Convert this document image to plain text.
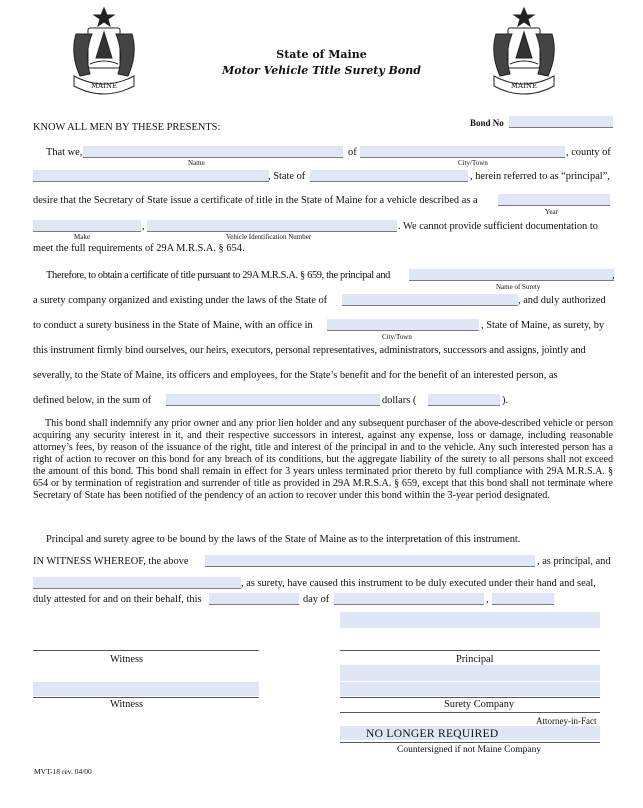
MAINE	MAINE
State of Maine
Motor Vehicle Title Surety Bond
Bond No
KNOW ALL MEN BY THESE PRESENTS:
That we,	of	, county of
Name	City/Town
, State of	, herein referred to as “principal”,
desire that the Secretary of State issue a certificate of title in the State of Maine for a vehicle described as a
Year
,	. We cannot provide sufficient documentation to
Make	Vehicle Identification Number
meet the full requirements of 29A M.R.S.A. § 654.
Therefore, to obtain a certificate of title pursuant to 29A M.R.S.A. § 659, the principal and	,
Name of Surety
a surety company organized and existing under the laws of the State of	, and duly authorized
to conduct a surety business in the State of Maine, with an office in	, State of Maine, as surety, by
City/Town
this instrument firmly bind ourselves, our heirs, executors, personal representatives, administrators, successors and assigns, jointly and
severally, to the State of Maine, its officers and employees, for the State’s benefit and for the benefit of an interested person, as
defined below, in the sum of	dollars (	).
This bond shall indemnify any prior owner and any prior lien holder and any subsequent purchaser of the above-described vehicle or person acquiring any security interest in it, and their respective successors in interest, against any expense, loss or damage, including reasonable attorney’s fees, by reason of the issuance of the right, title and interest of the principal in and to the vehicle. Any such interested person has a right of action to recover on this bond for any breach of its conditions, but the aggregate liability of the surety to all persons shall not exceed the amount of this bond. This bond shall remain in effect for 3 years unless terminated prior thereto by full compliance with 29A M.R.S.A. § 654 or by termination of registration and surrender of title as provided in 29A M.R.S.A. § 659, except that this bond shall not terminate where Secretary of State has been notified of the pendency of an action to recover under this bond within the 3-year period designated.
Principal and surety agree to be bound by the laws of the State of Maine as to the interpretation of this instrument.
IN WITNESS WHEREOF, the above	, as principal, and
, as surety, have caused this instrument to be duly executed under their hand and seal,
duly attested for and on their behalf, this	day of	,
Witness	Principal
Witness	Surety Company
Attorney-in-Fact
NO LONGER REQUIRED
Countersigned if not Maine Company
MVT-18 rev. 04/00
